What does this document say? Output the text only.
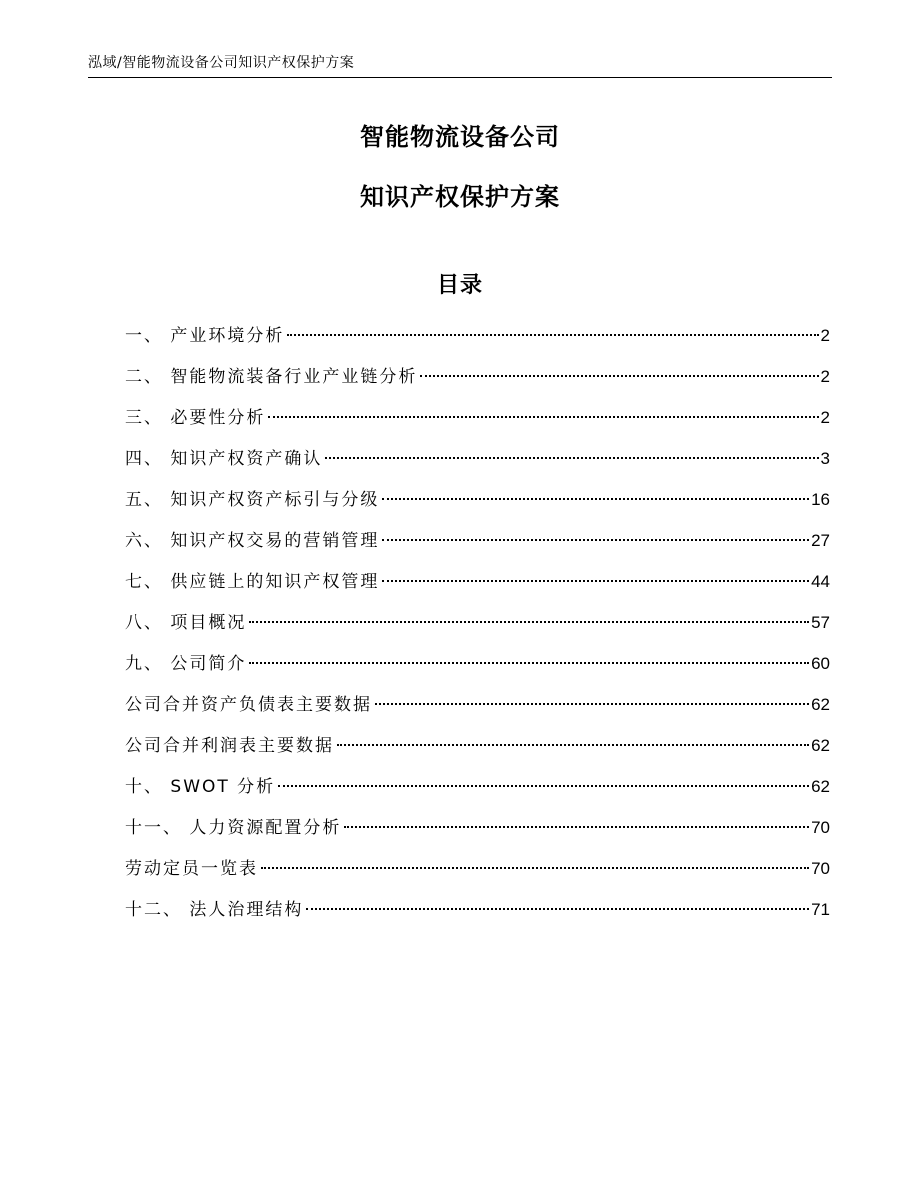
泓域/智能物流设备公司知识产权保护方案
智能物流设备公司
知识产权保护方案
目录
一、 产业环境分析	2
二、 智能物流装备行业产业链分析	2
三、 必要性分析	2
四、 知识产权资产确认	3
五、 知识产权资产标引与分级	16
六、 知识产权交易的营销管理	27
七、 供应链上的知识产权管理	44
八、 项目概况	57
九、 公司简介	60
公司合并资产负债表主要数据	62
公司合并利润表主要数据	62
十、 SWOT 分析	62
十一、 人力资源配置分析	70
劳动定员一览表	70
十二、 法人治理结构	71
